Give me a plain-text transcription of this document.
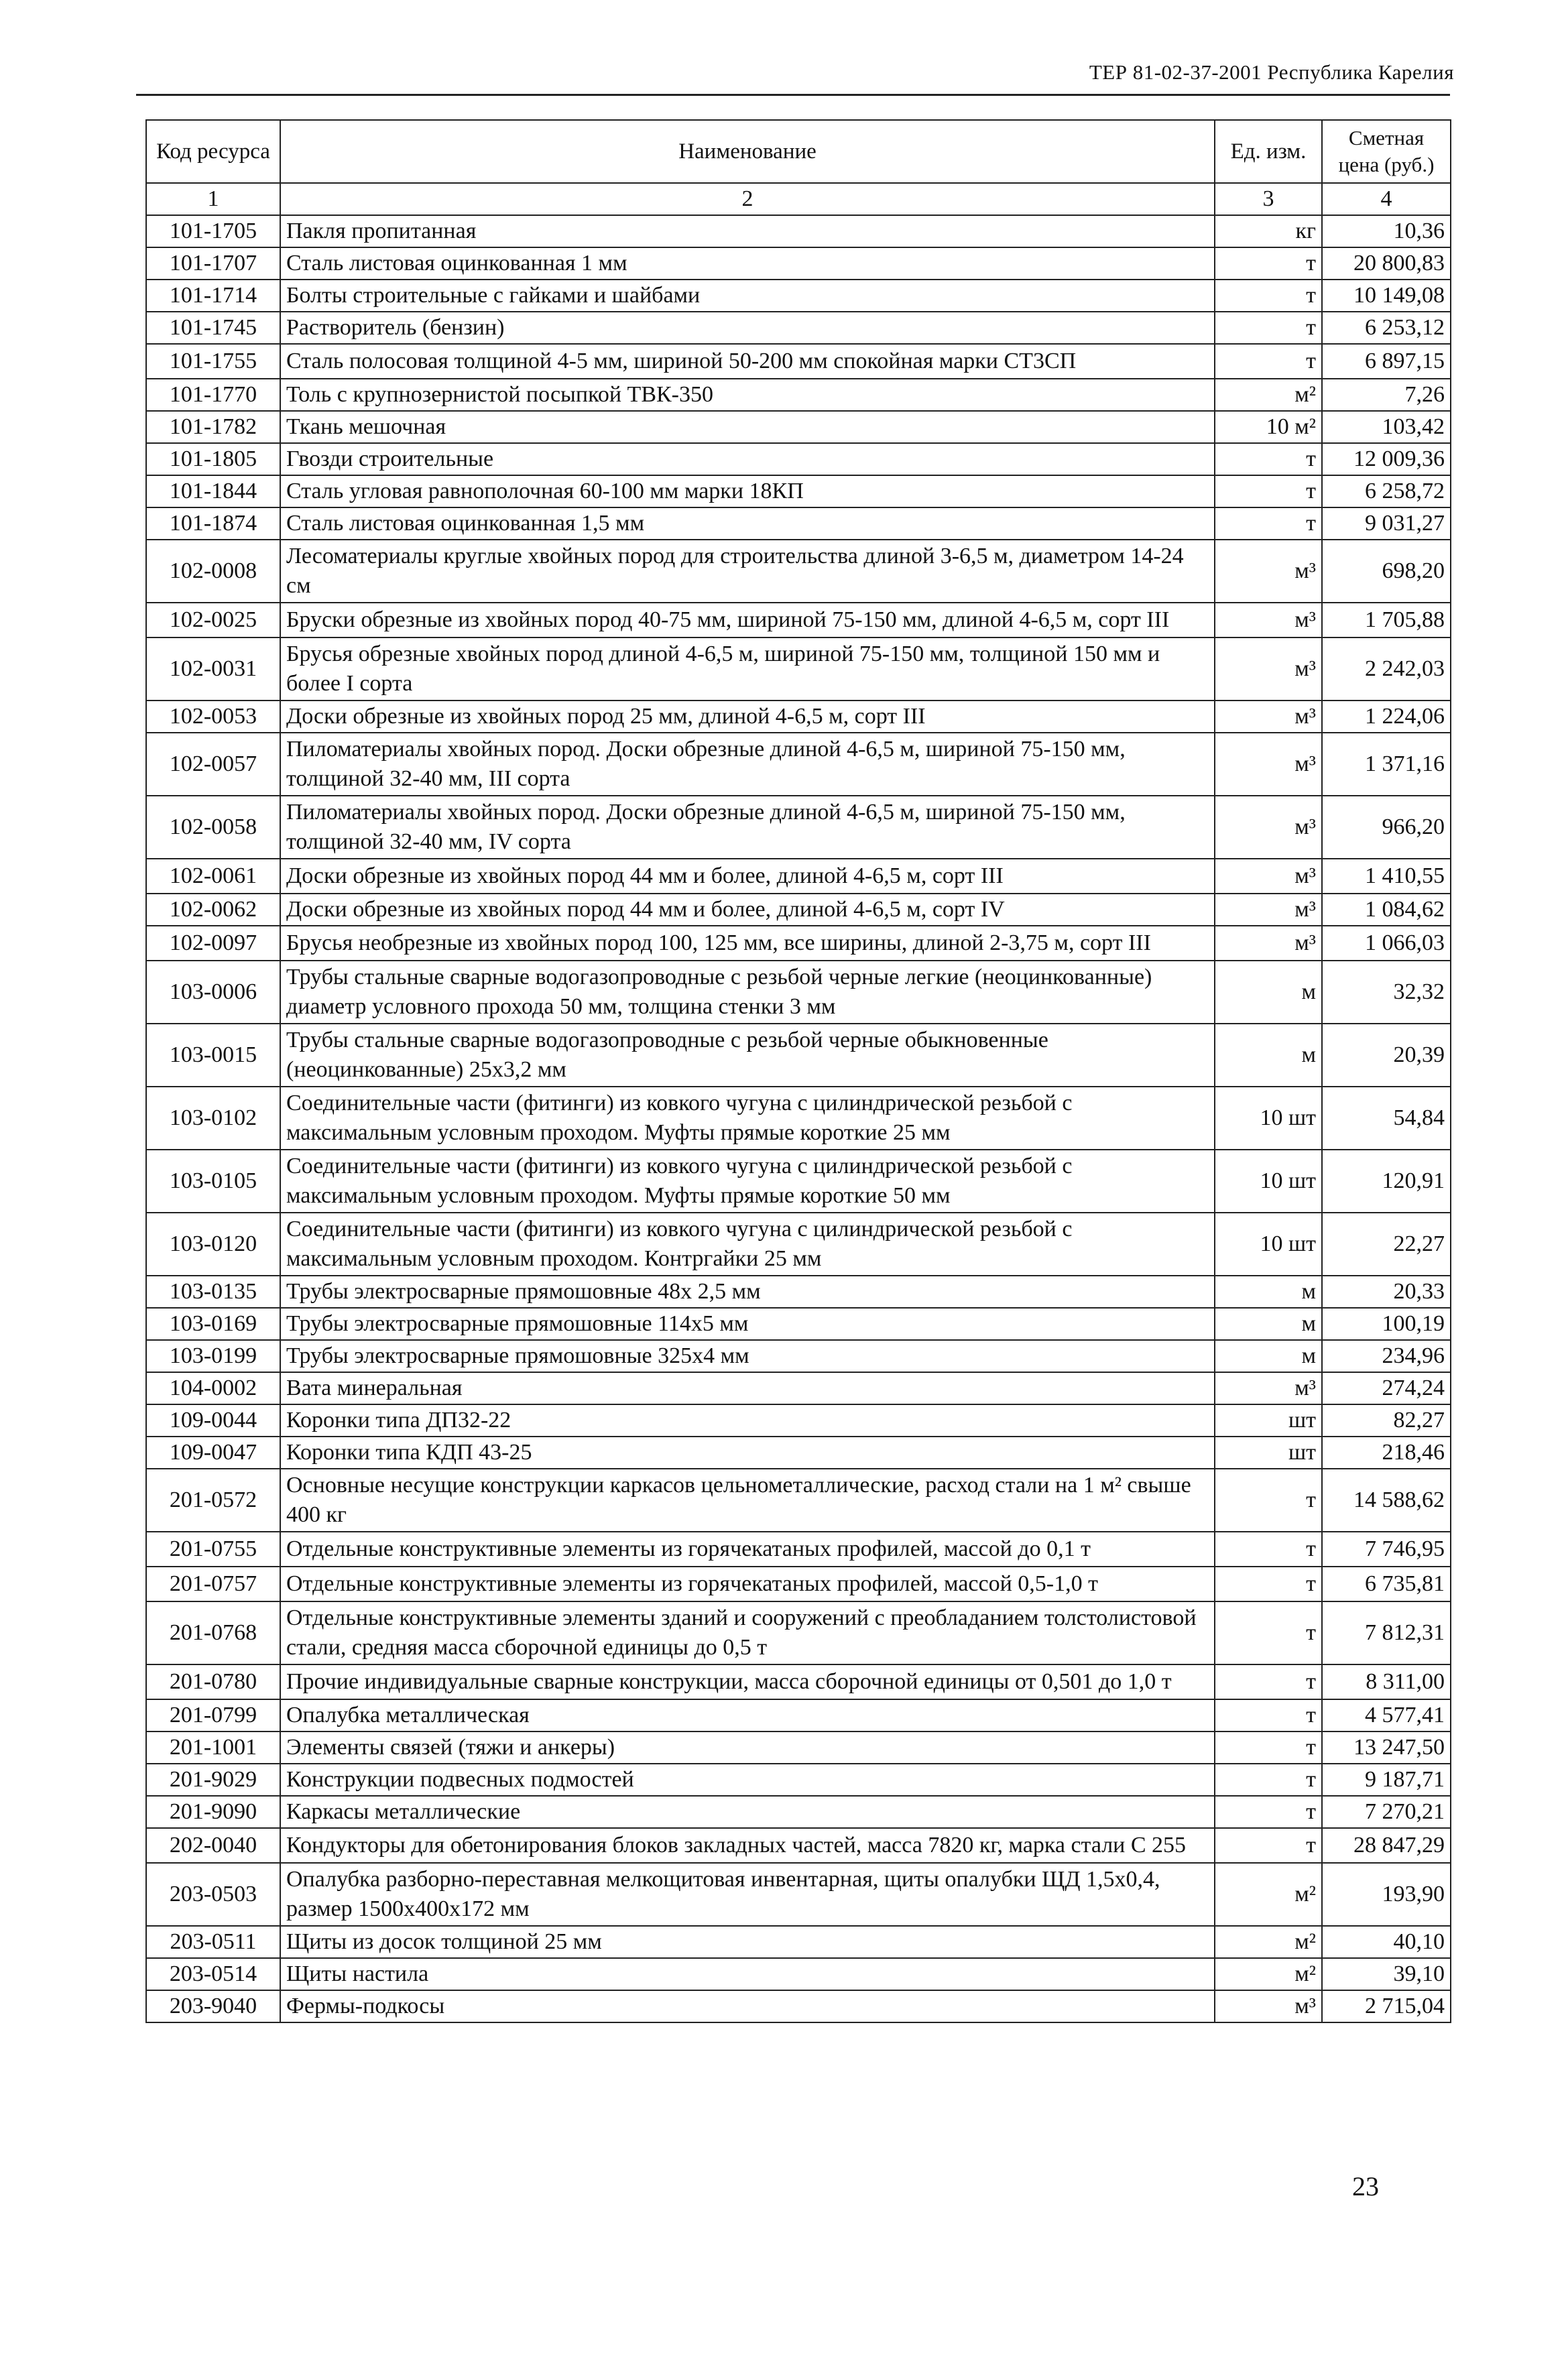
ТЕР 81-02-37-2001 Республика Карелия
Код ресурса	Наименование	Ед. изм.	Сметная цена (руб.)
1	2	3	4
101-1705	Пакля пропитанная	кг	10,36
101-1707	Сталь листовая оцинкованная 1 мм	т	20 800,83
101-1714	Болты строительные с гайками и шайбами	т	10 149,08
101-1745	Растворитель (бензин)	т	6 253,12
101-1755	Сталь полосовая толщиной 4-5 мм, шириной 50-200 мм спокойная марки СТ3СП	т	6 897,15
101-1770	Толь с крупнозернистой посыпкой ТВК-350	м²	7,26
101-1782	Ткань мешочная	10 м²	103,42
101-1805	Гвозди строительные	т	12 009,36
101-1844	Сталь угловая равнополочная 60-100 мм марки 18КП	т	6 258,72
101-1874	Сталь листовая оцинкованная 1,5 мм	т	9 031,27
102-0008	Лесоматериалы круглые хвойных пород для строительства длиной 3-6,5 м, диаметром 14-24 см	м³	698,20
102-0025	Бруски обрезные из хвойных пород 40-75 мм, шириной 75-150 мм, длиной 4-6,5 м, сорт III	м³	1 705,88
102-0031	Брусья обрезные хвойных пород длиной 4-6,5 м, шириной 75-150 мм, толщиной 150 мм и более I сорта	м³	2 242,03
102-0053	Доски обрезные из хвойных пород 25 мм, длиной 4-6,5 м, сорт III	м³	1 224,06
102-0057	Пиломатериалы хвойных пород. Доски обрезные длиной 4-6,5 м, шириной 75-150 мм, толщиной 32-40 мм, III сорта	м³	1 371,16
102-0058	Пиломатериалы хвойных пород. Доски обрезные длиной 4-6,5 м, шириной 75-150 мм, толщиной 32-40 мм, IV сорта	м³	966,20
102-0061	Доски обрезные из хвойных пород 44 мм и более, длиной 4-6,5 м, сорт III	м³	1 410,55
102-0062	Доски обрезные из хвойных пород 44 мм и более, длиной 4-6,5 м, сорт IV	м³	1 084,62
102-0097	Брусья необрезные из хвойных пород 100, 125 мм, все ширины, длиной 2-3,75 м, сорт III	м³	1 066,03
103-0006	Трубы стальные сварные водогазопроводные с резьбой черные легкие (неоцинкованные) диаметр условного прохода 50 мм, толщина стенки 3 мм	м	32,32
103-0015	Трубы стальные сварные водогазопроводные с резьбой черные обыкновенные (неоцинкованные) 25х3,2 мм	м	20,39
103-0102	Соединительные части (фитинги) из ковкого чугуна с цилиндрической резьбой с максимальным условным проходом. Муфты прямые короткие 25 мм	10 шт	54,84
103-0105	Соединительные части (фитинги) из ковкого чугуна с цилиндрической резьбой с максимальным условным проходом. Муфты прямые короткие 50 мм	10 шт	120,91
103-0120	Соединительные части (фитинги) из ковкого чугуна с цилиндрической резьбой с максимальным условным проходом. Контргайки 25 мм	10 шт	22,27
103-0135	Трубы электросварные прямошовные 48х 2,5 мм	м	20,33
103-0169	Трубы электросварные прямошовные 114х5 мм	м	100,19
103-0199	Трубы электросварные прямошовные 325х4 мм	м	234,96
104-0002	Вата минеральная	м³	274,24
109-0044	Коронки типа ДП32-22	шт	82,27
109-0047	Коронки типа КДП 43-25	шт	218,46
201-0572	Основные несущие конструкции каркасов цельнометаллические, расход стали на 1 м² свыше 400 кг	т	14 588,62
201-0755	Отдельные конструктивные элементы из горячекатаных профилей, массой до 0,1 т	т	7 746,95
201-0757	Отдельные конструктивные элементы из горячекатаных профилей, массой 0,5-1,0 т	т	6 735,81
201-0768	Отдельные конструктивные элементы зданий и сооружений с преобладанием толстолистовой стали, средняя масса сборочной единицы до 0,5 т	т	7 812,31
201-0780	Прочие индивидуальные сварные конструкции, масса сборочной единицы от 0,501 до 1,0 т	т	8 311,00
201-0799	Опалубка металлическая	т	4 577,41
201-1001	Элементы связей (тяжи и анкеры)	т	13 247,50
201-9029	Конструкции подвесных подмостей	т	9 187,71
201-9090	Каркасы металлические	т	7 270,21
202-0040	Кондукторы для обетонирования блоков закладных частей, масса 7820 кг, марка стали С 255	т	28 847,29
203-0503	Опалубка разборно-переставная мелкощитовая инвентарная, щиты опалубки ЩД 1,5х0,4, размер 1500х400х172 мм	м²	193,90
203-0511	Щиты из досок толщиной 25 мм	м²	40,10
203-0514	Щиты настила	м²	39,10
203-9040	Фермы-подкосы	м³	2 715,04
23
